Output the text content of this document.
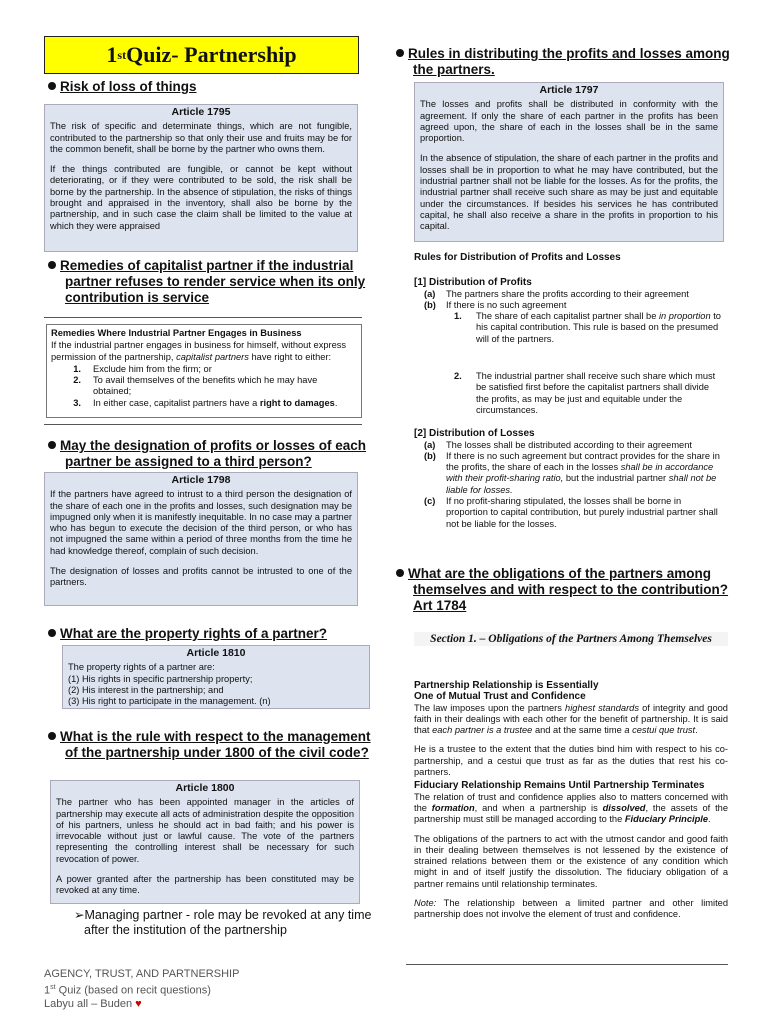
1 st Quiz- Partnership
Risk of loss of things
Article 1795

The risk of specific and determinate things, which are not fungible, contributed to the partnership so that only their use and fruits may be for the common benefit, shall be borne by the partner who owns them.

If the things contributed are fungible, or cannot be kept without deteriorating, or if they were contributed to be sold, the risk shall be borne by the partnership. In the absence of stipulation, the risks of things brought and appraised in the inventory, shall also be borne by the partnership, and in such case the claim shall be limited to the value at which they were appraised

Remedies of capitalist partner if the industrial partner refuses to render service when its only contribution is service
Remedies Where Industrial Partner Engages in Business
If the industrial partner engages in business for himself, without express permission of the partnership, capitalist partners have right to either:
1.	Exclude him from the firm; or
2.	To avail themselves of the benefits which he may have obtained;
3.	In either case, capitalist partners have a right to damages.
May the designation of profits or losses of each partner be assigned to a third person?
Article 1798

If the partners have agreed to intrust to a third person the designation of the share of each one in the profits and losses, such designation may be impugned only when it is manifestly inequitable. In no case may a partner who has begun to execute the decision of the third person, or who has not impugned the same within a period of three months from the time he had knowledge thereof, complain of such decision.

The designation of losses and profits cannot be intrusted to one of the partners.

What are the property rights of a partner?
Article 1810
The property rights of a partner are:
(1) His rights in specific partnership property;
(2) His interest in the partnership; and
(3) His right to participate in the management. (n)
What is the rule with respect to the management of the partnership under 1800 of the civil code?
Article 1800

The partner who has been appointed manager in the articles of partnership may execute all acts of administration despite the opposition of his partners, unless he should act in bad faith; and his power is irrevocable without just or lawful cause. The vote of the partners representing the controlling interest shall be necessary for such revocation of power.

A power granted after the partnership has been constituted may be revoked at any time.

➢Managing partner - role may be revoked at any time after the institution of the partnership
Rules in distributing the profits and losses among the partners.
Article 1797

The losses and profits shall be distributed in conformity with the agreement. If only the share of each partner in the profits has been agreed upon, the share of each in the losses shall be in the same proportion.

In the absence of stipulation, the share of each partner in the profits and losses shall be in proportion to what he may have contributed, but the industrial partner shall not be liable for the losses. As for the profits, the industrial partner shall receive such share as may be just and equitable under the circumstances. If besides his services he has contributed capital, he shall also receive a share in the profits in proportion to his capital.

Rules for Distribution of Profits and Losses
[1] Distribution of Profits
(a)	The partners share the profits according to their agreement
(b)	If there is no such agreement
1.	The share of each capitalist partner shall be in proportion to his capital contribution. This rule is based on the presumed will of the partners.
2.	The industrial partner shall receive such share which must be satisfied first before the capitalist partners shall divide the profits, as may be just and equitable under the circumstances.
[2] Distribution of Losses
(a)	The losses shall be distributed according to their agreement
(b)	If there is no such agreement but contract provides for the share in the profits, the share of each in the losses shall be in accordance with their profit-sharing ratio, but the industrial partner shall not be liable for losses.
(c)	If no profit-sharing stipulated, the losses shall be borne in proportion to capital contribution, but purely industrial partner shall not be liable for the losses.
What are the obligations of the partners among themselves and with respect to the contribution? Art 1784
Section 1. – Obligations of the Partners Among Themselves
Partnership Relationship is Essentially
One of Mutual Trust and Confidence

The law imposes upon the partners highest standards of integrity and good faith in their dealings with each other for the benefit of partnership. It is said that each partner is a trustee and at the same time a cestui que trust.

He is a trustee to the extent that the duties bind him with respect to his co-partnership, and a cestui que trust as far as the duties that rest his co-partners.

Fiduciary Relationship Remains Until Partnership Terminates

The relation of trust and confidence applies also to matters concerned with the formation, and when a partnership is dissolved, the assets of the partnership must still be managed according to the Fiduciary Principle.

The obligations of the partners to act with the utmost candor and good faith in their dealing between themselves is not lessened by the existence of strained relations between them or the existence of any condition which might in and of itself justify the dissolution. The fiduciary obligation of a partner remains until relationship terminates.

Note: The relationship between a limited partner and other limited partnership does not involve the element of trust and confidence.

AGENCY, TRUST, AND PARTNERSHIP
1st Quiz (based on recit questions)
Labyu all – Buden ♥
